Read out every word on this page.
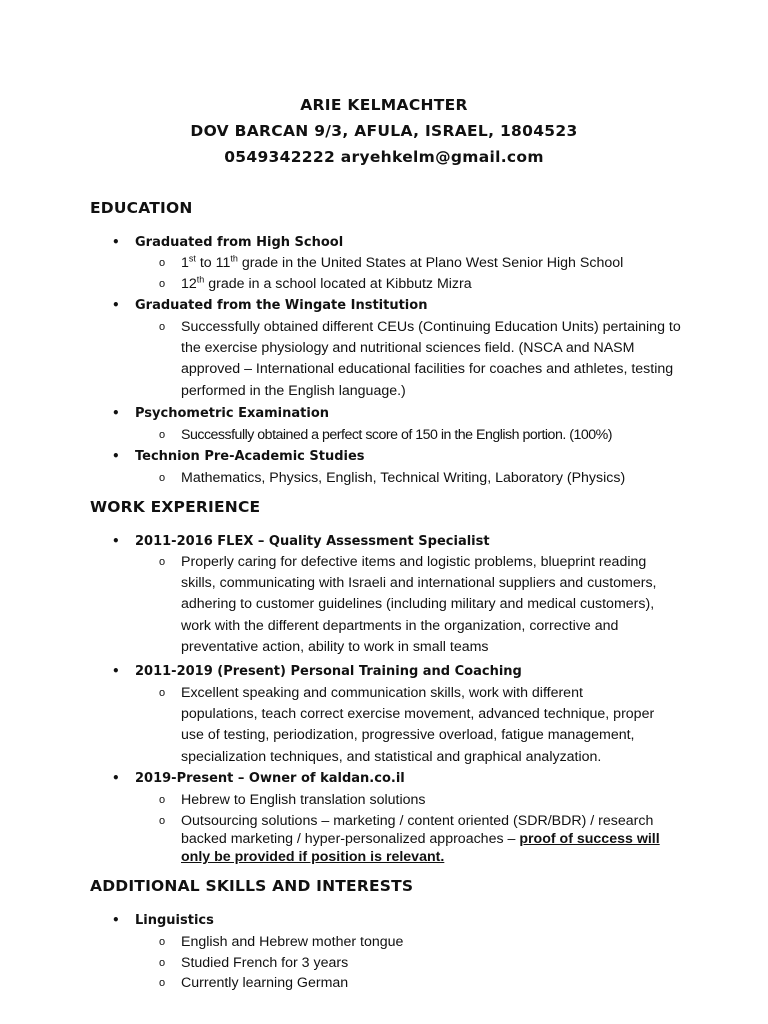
ARIE KELMACHTER
DOV BARCAN 9/3, AFULA, ISRAEL, 1804523
0549342222 aryehkelm@gmail.com
EDUCATION
• Graduated from High School
o 1st to 11th grade in the United States at Plano West Senior High School
o 12th grade in a school located at Kibbutz Mizra
• Graduated from the Wingate Institution
o Successfully obtained different CEUs (Continuing Education Units) pertaining to the exercise physiology and nutritional sciences field. (NSCA and NASM approved – International educational facilities for coaches and athletes, testing performed in the English language.)
• Psychometric Examination
o Successfully obtained a perfect score of 150 in the English portion. (100%)
• Technion Pre-Academic Studies
o Mathematics, Physics, English, Technical Writing, Laboratory (Physics)
WORK EXPERIENCE
• 2011-2016 FLEX – Quality Assessment Specialist
o Properly caring for defective items and logistic problems, blueprint reading skills, communicating with Israeli and international suppliers and customers, adhering to customer guidelines (including military and medical customers), work with the different departments in the organization, corrective and preventative action, ability to work in small teams
• 2011-2019 (Present) Personal Training and Coaching
o Excellent speaking and communication skills, work with different populations, teach correct exercise movement, advanced technique, proper use of testing, periodization, progressive overload, fatigue management, specialization techniques, and statistical and graphical analyzation.
• 2019-Present – Owner of kaldan.co.il
o Hebrew to English translation solutions
o Outsourcing solutions – marketing / content oriented (SDR/BDR) / research backed marketing / hyper-personalized approaches – proof of success will only be provided if position is relevant.
ADDITIONAL SKILLS AND INTERESTS
• Linguistics
o English and Hebrew mother tongue
o Studied French for 3 years
o Currently learning German
